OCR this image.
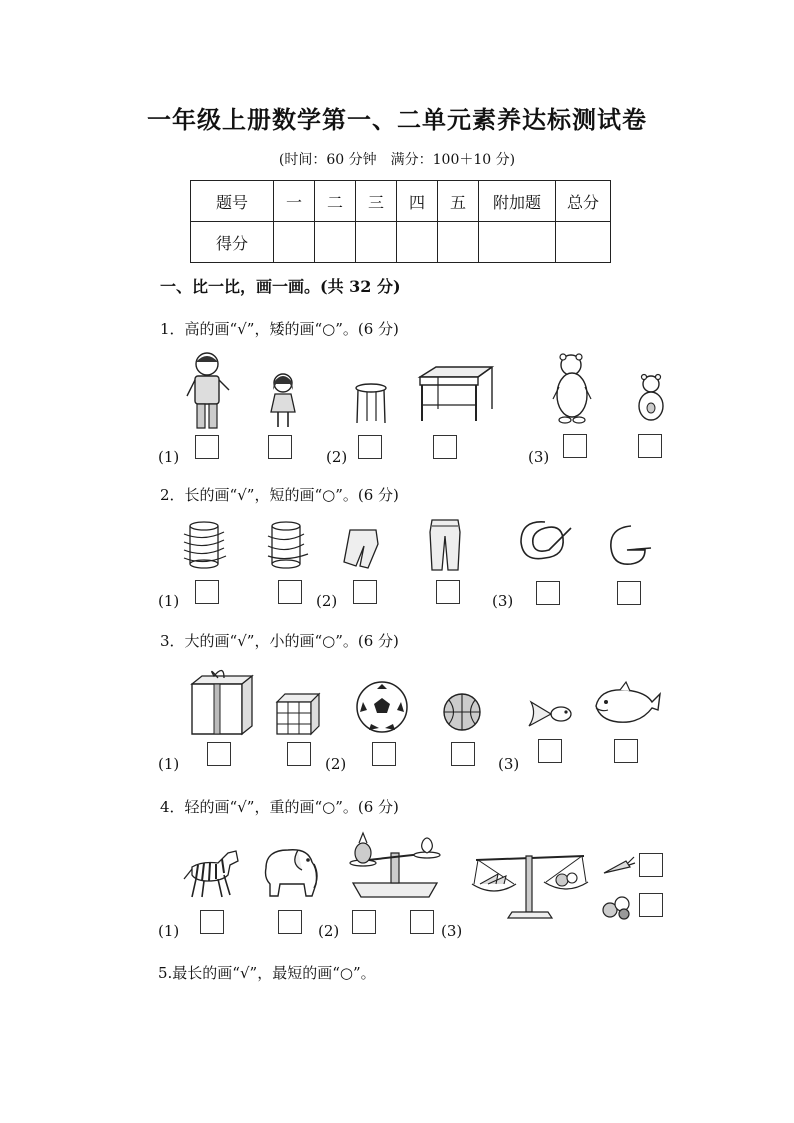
一年级上册数学第一、二单元素养达标测试卷
(时间：60 分钟　满分：100＋10 分)
题号	一	二	三	四	五	附加题	总分
得分							
一、比一比，画一画。(共 32 分)
1．高的画“√”，矮的画“○”。(6 分)
(1)	(2)	(3)
2．长的画“√”，短的画“○”。(6 分)
(1)	(2)	(3)
3．大的画“√”，小的画“○”。(6 分)
(1)	(2)	(3)
4．轻的画“√”，重的画“○”。(6 分)
(1)	(2)	(3)
5.最长的画“√”，最短的画“○”。
